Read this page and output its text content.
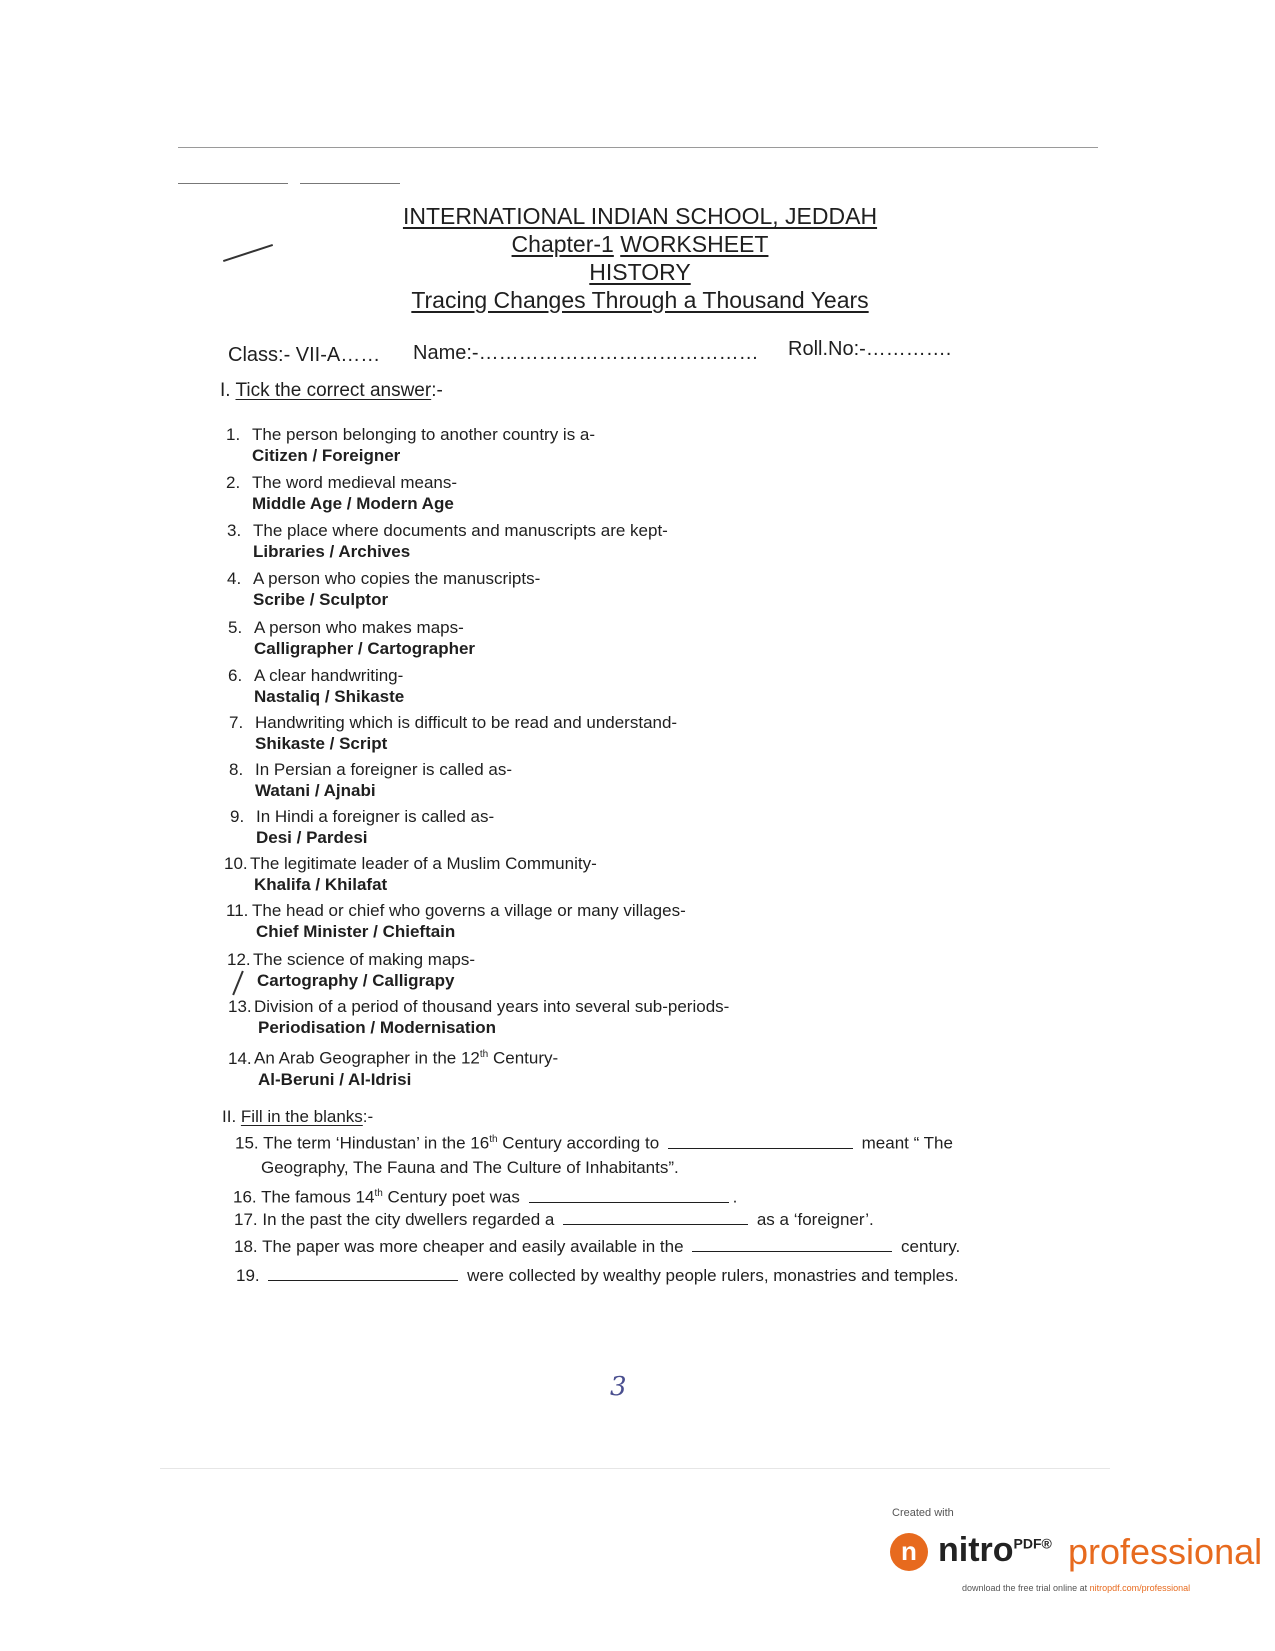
INTERNATIONAL INDIAN SCHOOL, JEDDAH
Chapter-1 WORKSHEET
HISTORY
Tracing Changes Through a Thousand Years
Class:- VII-A…… Name:-…………………………………… Roll.No:-………….
I. Tick the correct answer:-
1. The person belonging to another country is a-
Citizen / Foreigner
2. The word medieval means-
Middle Age / Modern Age
3. The place where documents and manuscripts are kept-
Libraries / Archives
4. A person who copies the manuscripts-
Scribe / Sculptor
5. A person who makes maps-
Calligrapher / Cartographer
6. A clear handwriting-
Nastaliq / Shikaste
7. Handwriting which is difficult to be read and understand-
Shikaste / Script
8. In Persian a foreigner is called as-
Watani / Ajnabi
9. In Hindi a foreigner is called as-
Desi / Pardesi
10. The legitimate leader of a Muslim Community-
Khalifa / Khilafat
11. The head or chief who governs a village or many villages-
Chief Minister / Chieftain
12. The science of making maps-
Cartography / Calligrapy
13. Division of a period of thousand years into several sub-periods-
Periodisation / Modernisation
14. An Arab Geographer in the 12th Century-
Al-Beruni / Al-Idrisi
II. Fill in the blanks:-
15. The term ‘Hindustan’ in the 16th Century according to	meant “ The
Geography, The Fauna and The Culture of Inhabitants”.
16. The famous 14th Century poet was	.
17. In the past the city dwellers regarded a	as a ‘foreigner’.
18. The paper was more cheaper and easily available in the	century.
19.	were collected by wealthy people rulers, monastries and temples.
3
Created with
n nitro$^{PDF®}$ professional
download the free trial online at nitropdf.com/professional
